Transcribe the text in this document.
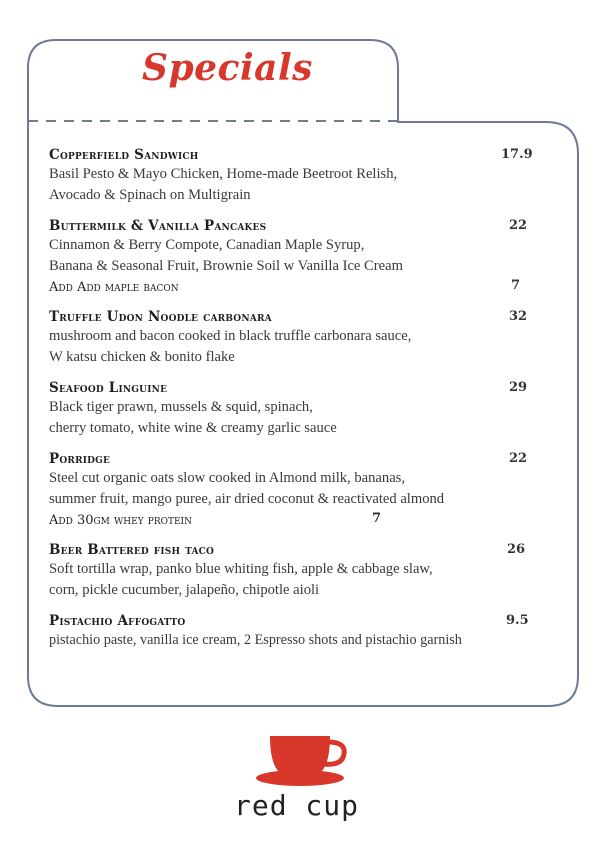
Specials
Copperfield Sandwich	17.9
Basil Pesto & Mayo Chicken, Home-made Beetroot Relish,
Avocado & Spinach on Multigrain
Buttermilk & Vanilla Pancakes	22
Cinnamon & Berry Compote, Canadian Maple Syrup,
Banana & Seasonal Fruit, Brownie Soil w Vanilla Ice Cream
Add Add maple bacon	7
Truffle Udon Noodle carbonara	32
mushroom and bacon cooked in black truffle carbonara sauce,
W katsu chicken & bonito flake
Seafood Linguine	29
Black tiger prawn, mussels & squid, spinach,
cherry tomato, white wine & creamy garlic sauce
Porridge	22
Steel cut organic oats slow cooked in Almond milk, bananas,
summer fruit, mango puree, air dried coconut & reactivated almond
Add 30gm whey protein	7
Beer Battered fish taco	26
Soft tortilla wrap, panko blue whiting fish, apple & cabbage slaw,
corn, pickle cucumber, jalapeño, chipotle aioli
Pistachio Affogatto	9.5
pistachio paste, vanilla ice cream, 2 Espresso shots and pistachio garnish
red cup
